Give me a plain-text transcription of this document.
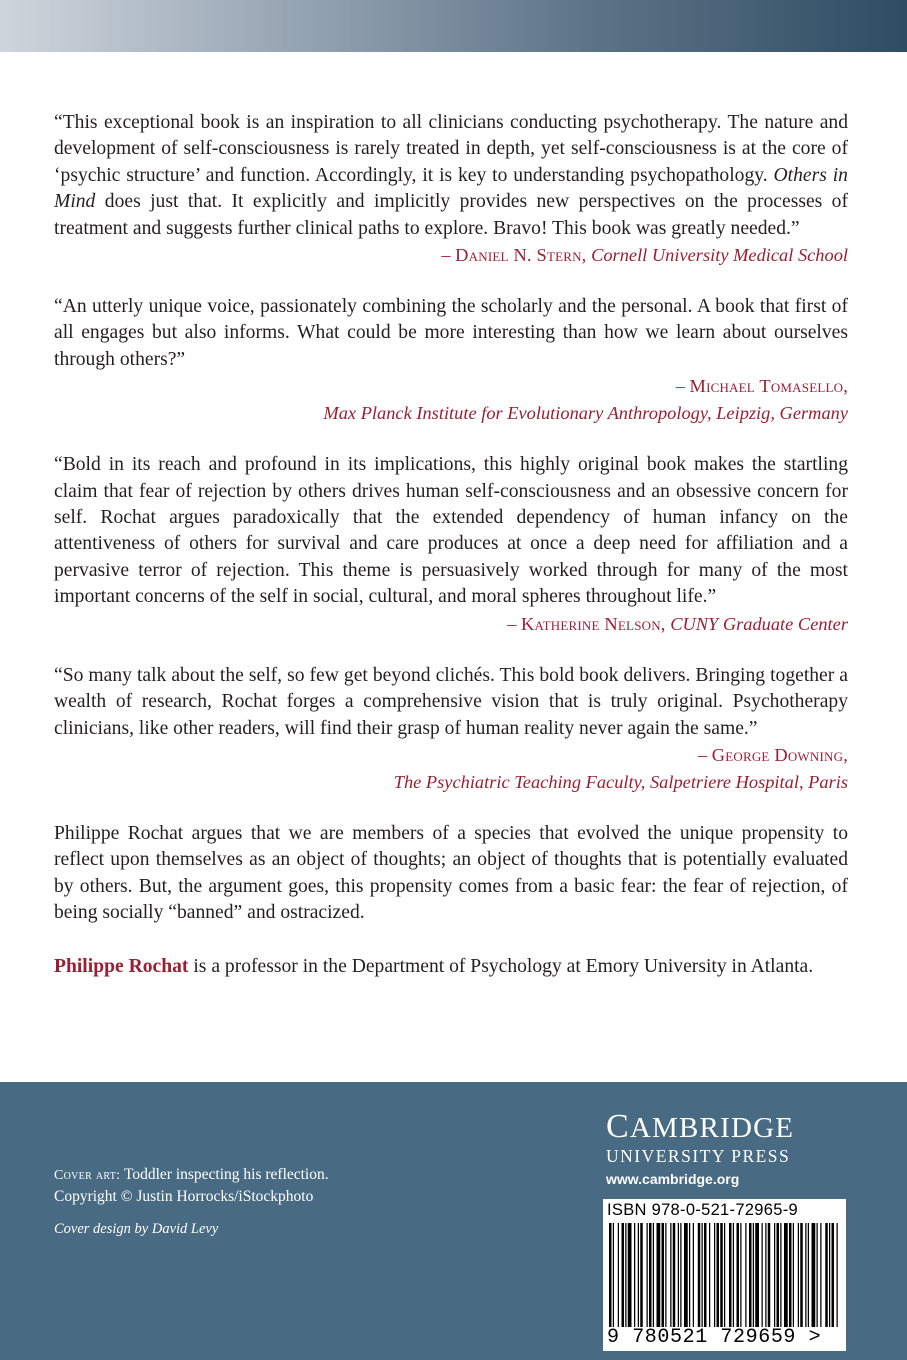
“This exceptional book is an inspiration to all clinicians conducting psychotherapy. The nature and development of self-consciousness is rarely treated in depth, yet self-consciousness is at the core of ‘psychic structure’ and function. Accordingly, it is key to understanding psychopathology. Others in Mind does just that. It explicitly and implicitly provides new perspectives on the processes of treatment and suggests further clinical paths to explore. Bravo! This book was greatly needed.”

– Daniel N. Stern, Cornell University Medical School

“An utterly unique voice, passionately combining the scholarly and the personal. A book that first of all engages but also informs. What could be more interesting than how we learn about ourselves through others?”

– Michael Tomasello,
Max Planck Institute for Evolutionary Anthropology, Leipzig, Germany

“Bold in its reach and profound in its implications, this highly original book makes the startling claim that fear of rejection by others drives human self-consciousness and an obsessive concern for self. Rochat argues paradoxically that the extended dependency of human infancy on the attentiveness of others for survival and care produces at once a deep need for affiliation and a pervasive terror of rejection. This theme is persuasively worked through for many of the most important concerns of the self in social, cultural, and moral spheres throughout life.”

– Katherine Nelson, CUNY Graduate Center

“So many talk about the self, so few get beyond clichés. This bold book delivers. Bringing together a wealth of research, Rochat forges a comprehensive vision that is truly original. Psychotherapy clinicians, like other readers, will find their grasp of human reality never again the same.”

– George Downing,
The Psychiatric Teaching Faculty, Salpetriere Hospital, Paris

Philippe Rochat argues that we are members of a species that evolved the unique propensity to reflect upon themselves as an object of thoughts; an object of thoughts that is potentially evaluated by others. But, the argument goes, this propensity comes from a basic fear: the fear of rejection, of being socially “banned” and ostracized.

Philippe Rochat is a professor in the Department of Psychology at Emory University in Atlanta.

Cover art: Toddler inspecting his reflection.
Copyright © Justin Horrocks/iStockphoto
Cover design by David Levy
CAMBRIDGE
UNIVERSITY PRESS
www.cambridge.org
ISBN 978-0-521-72965-9
9 780521 729659 >
